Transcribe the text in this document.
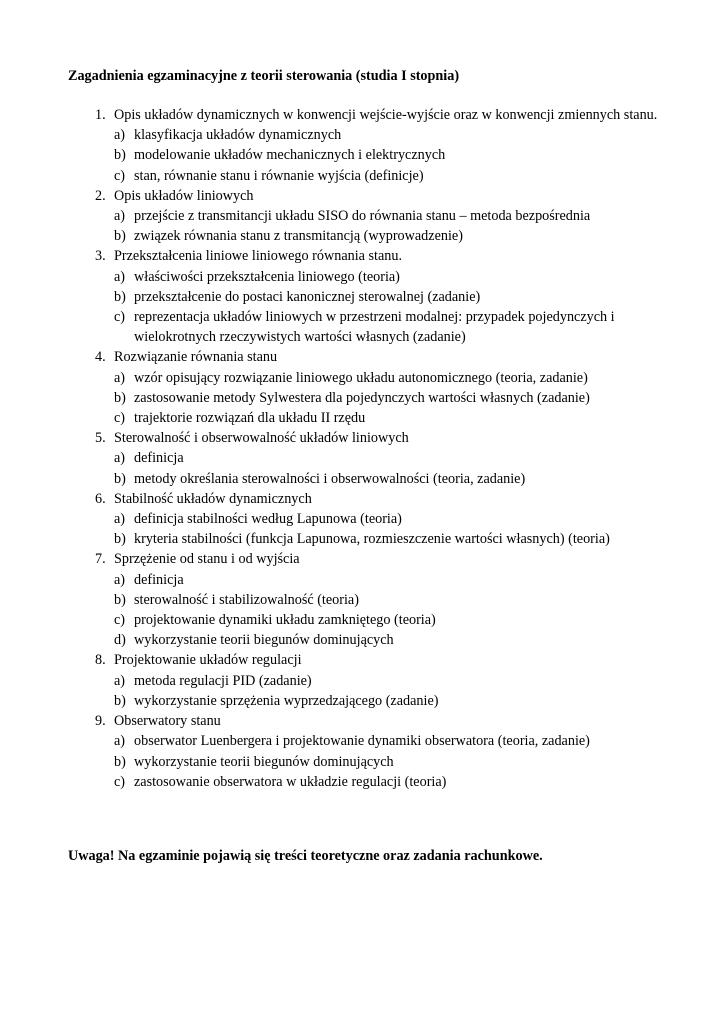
Zagadnienia egzaminacyjne z teorii sterowania (studia I stopnia)

1. Opis układów dynamicznych w konwencji wejście-wyjście oraz w konwencji zmiennych stanu.
a) klasyfikacja układów dynamicznych
b) modelowanie układów mechanicznych i elektrycznych
c) stan, równanie stanu i równanie wyjścia (definicje)
2. Opis układów liniowych
a) przejście z transmitancji układu SISO do równania stanu – metoda bezpośrednia
b) związek równania stanu z transmitancją (wyprowadzenie)
3. Przekształcenia liniowe liniowego równania stanu.
a) właściwości przekształcenia liniowego (teoria)
b) przekształcenie do postaci kanonicznej sterowalnej (zadanie)
c) reprezentacja układów liniowych w przestrzeni modalnej: przypadek pojedynczych i wielokrotnych rzeczywistych wartości własnych (zadanie)
4. Rozwiązanie równania stanu
a) wzór opisujący rozwiązanie liniowego układu autonomicznego (teoria, zadanie)
b) zastosowanie metody Sylwestera dla pojedynczych wartości własnych (zadanie)
c) trajektorie rozwiązań dla układu II rzędu
5. Sterowalność i obserwowalność układów liniowych
a) definicja
b) metody określania sterowalności i obserwowalności (teoria, zadanie)
6. Stabilność układów dynamicznych
a) definicja stabilności według Lapunowa (teoria)
b) kryteria stabilności (funkcja Lapunowa, rozmieszczenie wartości własnych) (teoria)
7. Sprzężenie od stanu i od wyjścia
a) definicja
b) sterowalność i stabilizowalność (teoria)
c) projektowanie dynamiki układu zamkniętego (teoria)
d) wykorzystanie teorii biegunów dominujących
8. Projektowanie układów regulacji
a) metoda regulacji PID (zadanie)
b) wykorzystanie sprzężenia wyprzedzającego (zadanie)
9. Obserwatory stanu
a) obserwator Luenbergera i projektowanie dynamiki obserwatora (teoria, zadanie)
b) wykorzystanie teorii biegunów dominujących
c) zastosowanie obserwatora w układzie regulacji (teoria)

Uwaga! Na egzaminie pojawią się treści teoretyczne oraz zadania rachunkowe.
